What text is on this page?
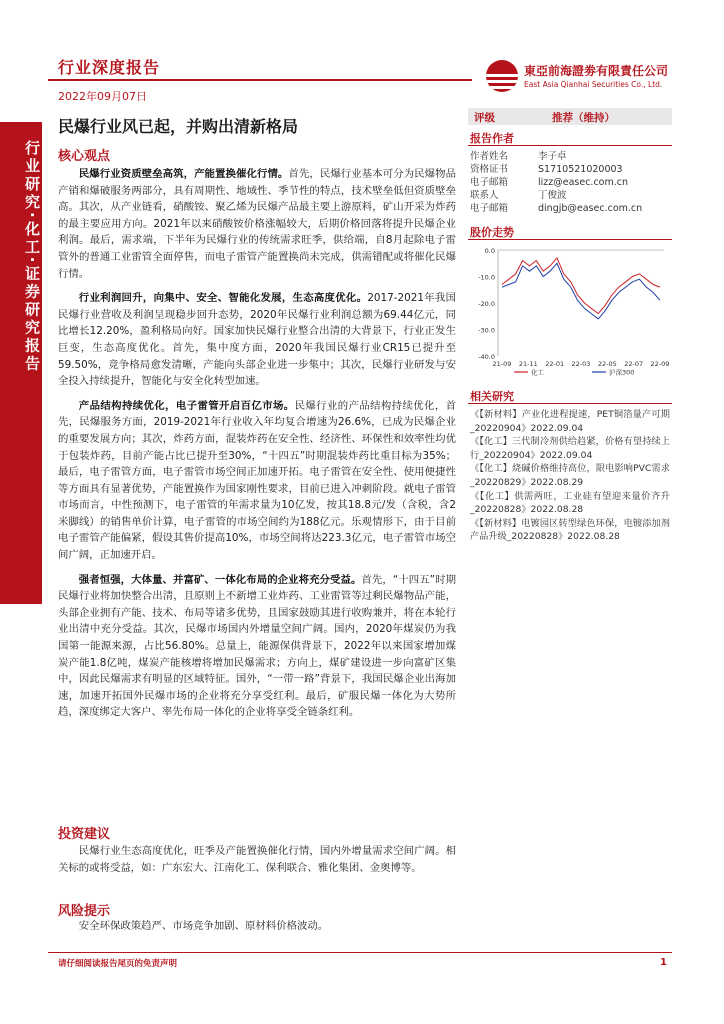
行业研究·化工·证券研究报告
行业深度报告
2022年09月07日
東亞前海證劵有限責任公司
East Asia Qianhai Securities Co., Ltd.
民爆行业风已起，并购出清新格局
核心观点
民爆行业资质壁垒高筑，产能置换催化行情。首先，民爆行业基本可分为民爆物品产销和爆破服务两部分，具有周期性、地域性、季节性的特点，技术壁垒低但资质壁垒高。其次，从产业链看，硝酸铵、聚乙烯为民爆产品最主要上游原料，矿山开采为炸药的最主要应用方向。2021年以来硝酸铵价格涨幅较大，后期价格回落将提升民爆企业利润。最后，需求端，下半年为民爆行业的传统需求旺季，供给端，自8月起除电子雷管外的普通工业雷管全面停售，而电子雷管产能置换尚未完成，供需错配或将催化民爆行情。
行业利润回升，向集中、安全、智能化发展，生态高度优化。2017-2021年我国民爆行业营收及利润呈现稳步回升态势，2020年民爆行业利润总额为69.44亿元，同比增长12.20%，盈利格局向好。国家加快民爆行业整合出清的大背景下，行业正发生巨变，生态高度优化。首先，集中度方面，2020年我国民爆行业CR15已提升至59.50%，竞争格局愈发清晰，产能向头部企业进一步集中；其次，民爆行业研发与安全投入持续提升，智能化与安全化转型加速。
产品结构持续优化，电子雷管开启百亿市场。民爆行业的产品结构持续优化，首先，民爆服务方面，2019-2021年行业收入年均复合增速为26.6%，已成为民爆企业的重要发展方向；其次，炸药方面，混装炸药在安全性、经济性、环保性和效率性均优于包装炸药，目前产能占比已提升至30%，“十四五”时期混装炸药比重目标为35%；最后，电子雷管方面，电子雷管市场空间正加速开拓。电子雷管在安全性、使用便捷性等方面具有显著优势，产能置换作为国家刚性要求，目前已进入冲刺阶段。就电子雷管市场而言，中性预测下，电子雷管的年需求量为10亿发，按其18.8元/发（含税，含2米脚线）的销售单价计算，电子雷管的市场空间约为188亿元。乐观情形下，由于目前电子雷管产能偏紧，假设其售价提高10%，市场空间将达223.3亿元，电子雷管市场空间广阔，正加速开启。
强者恒强，大体量、并富矿、一体化布局的企业将充分受益。首先，“十四五”时期民爆行业将加快整合出清，且原则上不新增工业炸药、工业雷管等过剩民爆物品产能，头部企业拥有产能、技术、布局等诸多优势，且国家鼓励其进行收购兼并，将在本轮行业出清中充分受益。其次，民爆市场国内外增量空间广阔。国内，2020年煤炭仍为我国第一能源来源，占比56.80%。总量上，能源保供背景下，2022年以来国家增加煤炭产能1.8亿吨，煤炭产能核增将增加民爆需求；方向上，煤矿建设进一步向富矿区集中，因此民爆需求有明显的区域特征。国外，“一带一路”背景下，我国民爆企业出海加速，加速开拓国外民爆市场的企业将充分享受红利。最后，矿服民爆一体化为大势所趋，深度绑定大客户、率先布局一体化的企业将享受全链条红利。
投资建议
民爆行业生态高度优化，旺季及产能置换催化行情，国内外增量需求空间广阔。相关标的或将受益，如：广东宏大、江南化工、保利联合、雅化集团、金奥博等。
风险提示
安全环保政策趋严、市场竞争加剧、原材料价格波动。
评级	推荐（维持）
报告作者
作者姓名	李子卓
资格证书	S1710521020003
电子邮箱	lizz@easec.com.cn
联系人	丁俊波
电子邮箱	dingjb@easec.com.cn
股价走势
0.0
-10.0
-20.0
-30.0
-40.0
21-09 21-11 22-01 22-03 22-05 22-07 22-09
化工	沪深300
相关研究
《【新材料】产业化进程提速，PET铜箔量产可期_20220904》2022.09.04
《【化工】三代制冷剂供给趋紧，价格有望持续上行_20220904》2022.09.04
《【化工】烧碱价格维持高位，限电影响PVC需求_20220829》2022.08.29
《【化工】供需两旺，工业硅有望迎来量价齐升_20220828》2022.08.28
《【新材料】电镀园区转型绿色环保，电镀添加剂产品升级_20220828》2022.08.28
请仔细阅读报告尾页的免责声明	1
